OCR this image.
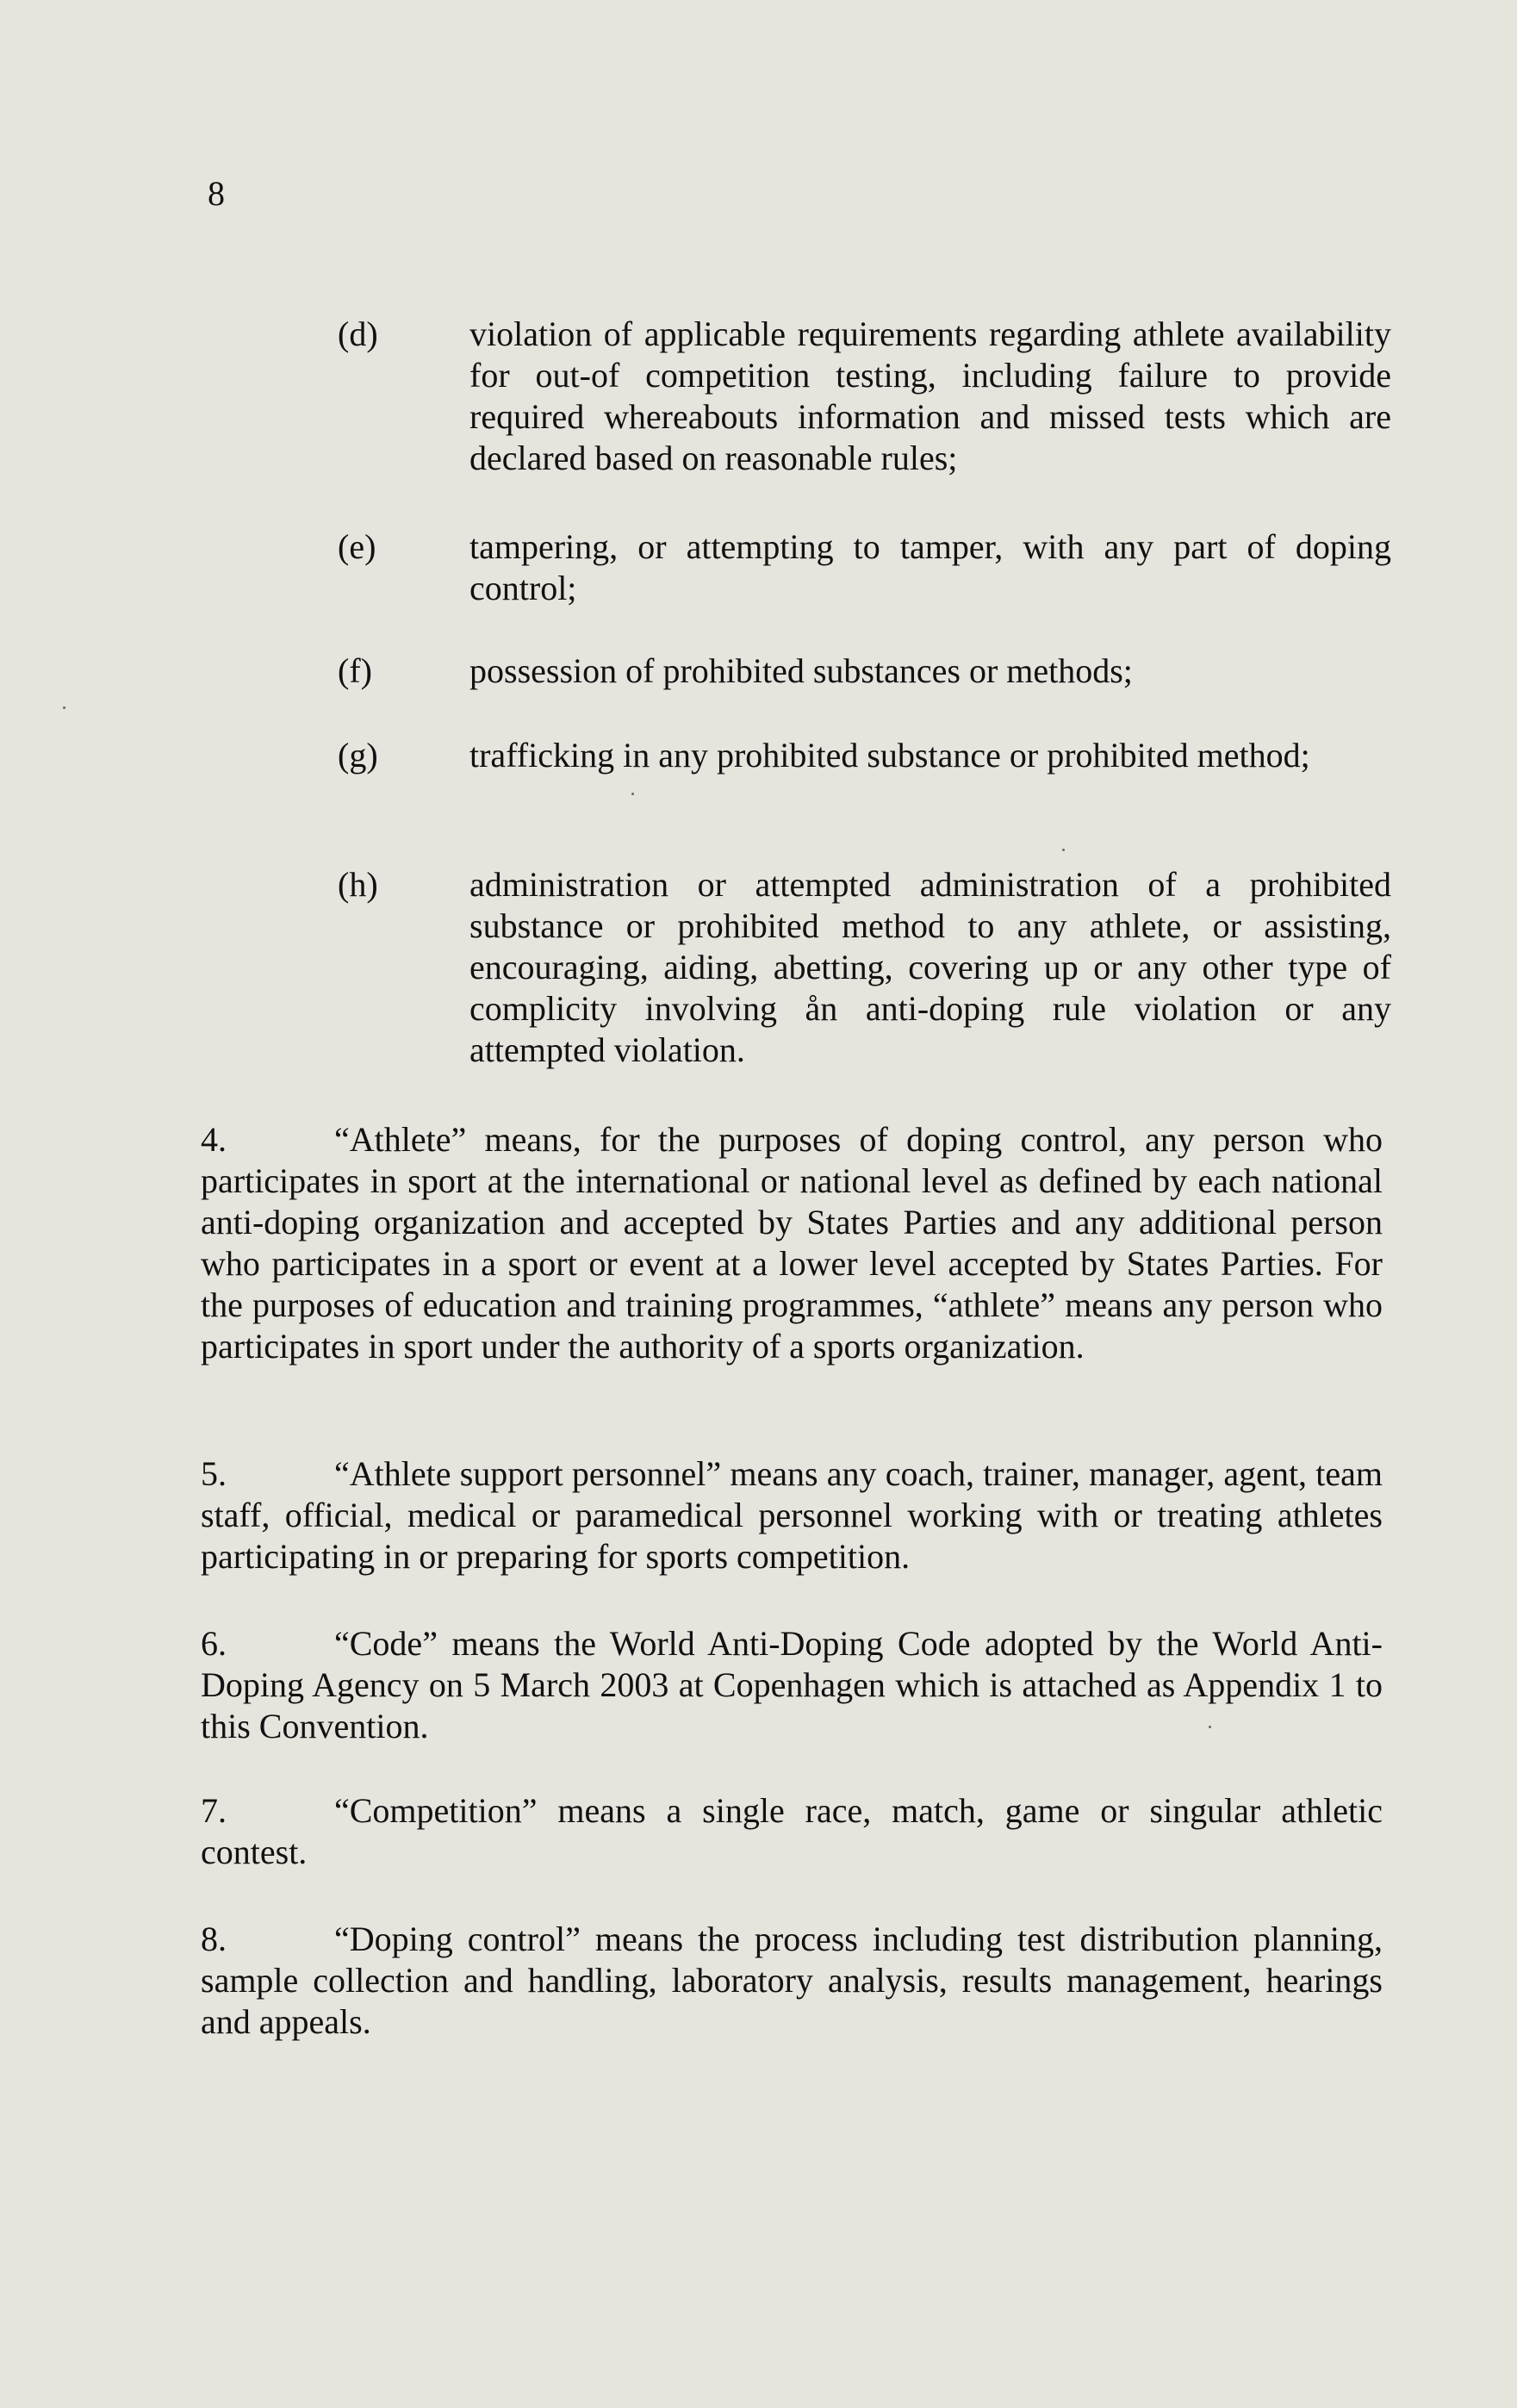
8
(d)	violation of applicable requirements regarding athlete availability for out-of competition testing, including failure to provide required whereabouts information and missed tests which are declared based on reasonable rules;
(e)	tampering, or attempting to tamper, with any part of doping control;
(f)	possession of prohibited substances or methods;
(g)	trafficking in any prohibited substance or prohibited method;
(h)	administration or attempted administration of a prohibited substance or prohibited method to any athlete, or assisting, encouraging, aiding, abetting, covering up or any other type of complicity involving ån anti-doping rule violation or any attempted violation.
4.	“Athlete” means, for the purposes of doping control, any person who participates in sport at the international or national level as defined by each national anti-doping organization and accepted by States Parties and any additional person who participates in a sport or event at a lower level accepted by States Parties. For the purposes of education and training programmes, “athlete” means any person who participates in sport under the authority of a sports organization.
5.	“Athlete support personnel” means any coach, trainer, manager, agent, team staff, official, medical or paramedical personnel working with or treating athletes participating in or preparing for sports competition.
6.	“Code” means the World Anti-Doping Code adopted by the World Anti-Doping Agency on 5 March 2003 at Copenhagen which is attached as Appendix 1 to this Convention.
7.	“Competition” means a single race, match, game or singular athletic contest.
8.	“Doping control” means the process including test distribution planning, sample collection and handling, laboratory analysis, results management, hearings and appeals.
